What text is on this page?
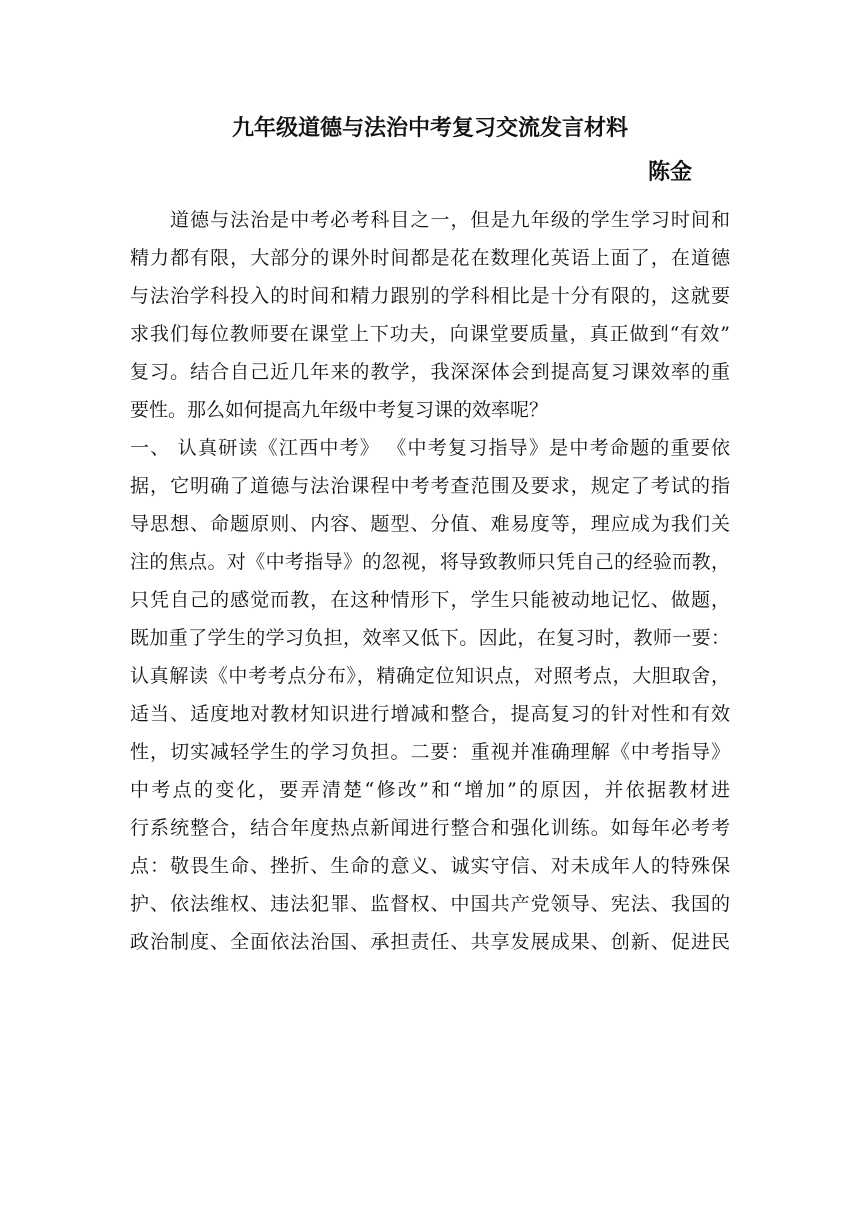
九年级道德与法治中考复习交流发言材料
陈金
道德与法治是中考必考科目之一，但是九年级的学生学习时间和
精力都有限，大部分的课外时间都是花在数理化英语上面了，在道德
与法治学科投入的时间和精力跟别的学科相比是十分有限的，这就要
求我们每位教师要在课堂上下功夫，向课堂要质量，真正做到“有效”
复习。结合自己近几年来的教学，我深深体会到提高复习课效率的重
要性。那么如何提高九年级中考复习课的效率呢？
一、 认真研读《江西中考》 《中考复习指导》是中考命题的重要依
据，它明确了道德与法治课程中考考查范围及要求，规定了考试的指
导思想、命题原则、内容、题型、分值、难易度等，理应成为我们关
注的焦点。对《中考指导》的忽视，将导致教师只凭自己的经验而教，
只凭自己的感觉而教，在这种情形下，学生只能被动地记忆、做题，
既加重了学生的学习负担，效率又低下。因此，在复习时，教师一要：
认真解读《中考考点分布》，精确定位知识点，对照考点，大胆取舍，
适当、适度地对教材知识进行增减和整合，提高复习的针对性和有效
性，切实减轻学生的学习负担。二要：重视并准确理解《中考指导》
中考点的变化，要弄清楚“修改”和“增加”的原因，并依据教材进
行系统整合，结合年度热点新闻进行整合和强化训练。如每年必考考
点：敬畏生命、挫折、生命的意义、诚实守信、对未成年人的特殊保
护、依法维权、违法犯罪、监督权、中国共产党领导、宪法、我国的
政治制度、全面依法治国、承担责任、共享发展成果、创新、促进民
